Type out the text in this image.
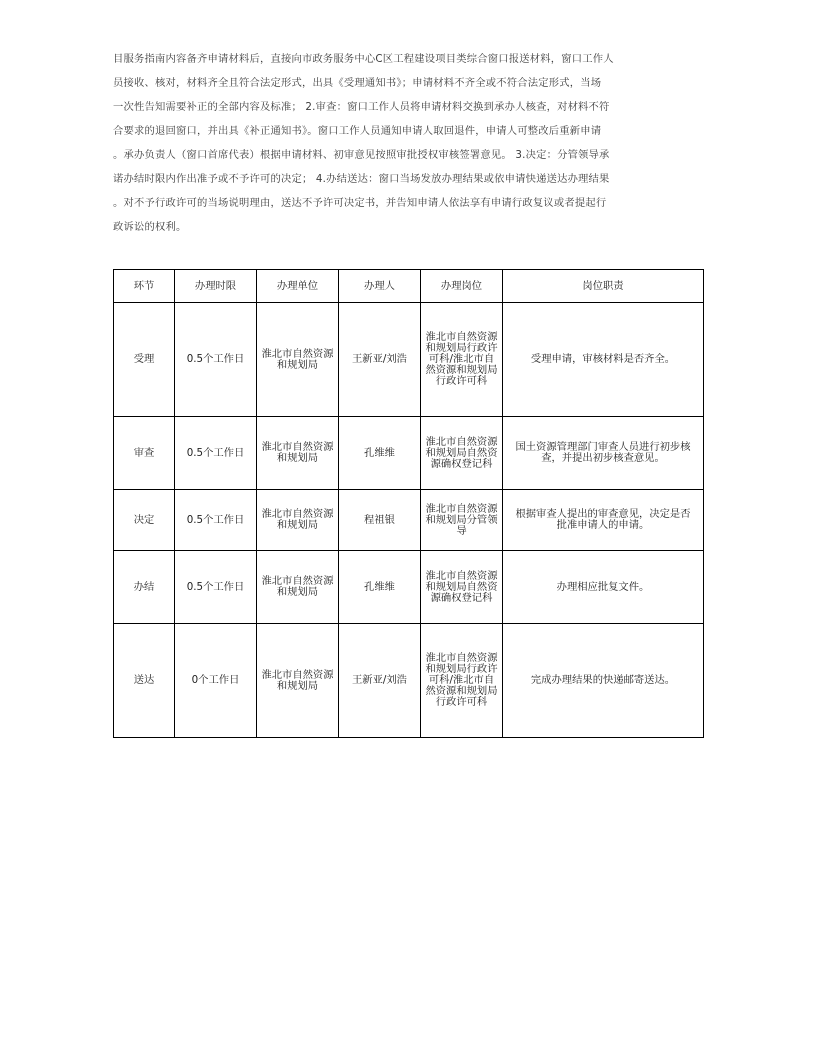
目服务指南内容备齐申请材料后，直接向市政务服务中心C区工程建设项目类综合窗口报送材料，窗口工作人
员接收、核对，材料齐全且符合法定形式，出具《受理通知书》；申请材料不齐全或不符合法定形式，当场
一次性告知需要补正的全部内容及标准； 2.审查：窗口工作人员将申请材料交换到承办人核查，对材料不符
合要求的退回窗口，并出具《补正通知书》。窗口工作人员通知申请人取回退件，申请人可整改后重新申请
。承办负责人（窗口首席代表）根据申请材料、初审意见按照审批授权审核签署意见。 3.决定：分管领导承
诺办结时限内作出准予或不予许可的决定； 4.办结送达：窗口当场发放办理结果或依申请快递送达办理结果
。对不予行政许可的当场说明理由，送达不予许可决定书，并告知申请人依法享有申请行政复议或者提起行
政诉讼的权利。
环节	办理时限	办理单位	办理人	办理岗位	岗位职责
受理	0.5个工作日	淮北市自然资源和规划局	王新亚/刘浩	淮北市自然资源和规划局行政许可科/淮北市自然资源和规划局行政许可科	受理申请，审核材料是否齐全。
审查	0.5个工作日	淮北市自然资源和规划局	孔维维	淮北市自然资源和规划局自然资源确权登记科	国土资源管理部门审查人员进行初步核查，并提出初步核查意见。
决定	0.5个工作日	淮北市自然资源和规划局	程祖银	淮北市自然资源和规划局分管领导	根据审查人提出的审查意见，决定是否批准申请人的申请。
办结	0.5个工作日	淮北市自然资源和规划局	孔维维	淮北市自然资源和规划局自然资源确权登记科	办理相应批复文件。
送达	0个工作日	淮北市自然资源和规划局	王新亚/刘浩	淮北市自然资源和规划局行政许可科/淮北市自然资源和规划局行政许可科	完成办理结果的快递邮寄送达。
